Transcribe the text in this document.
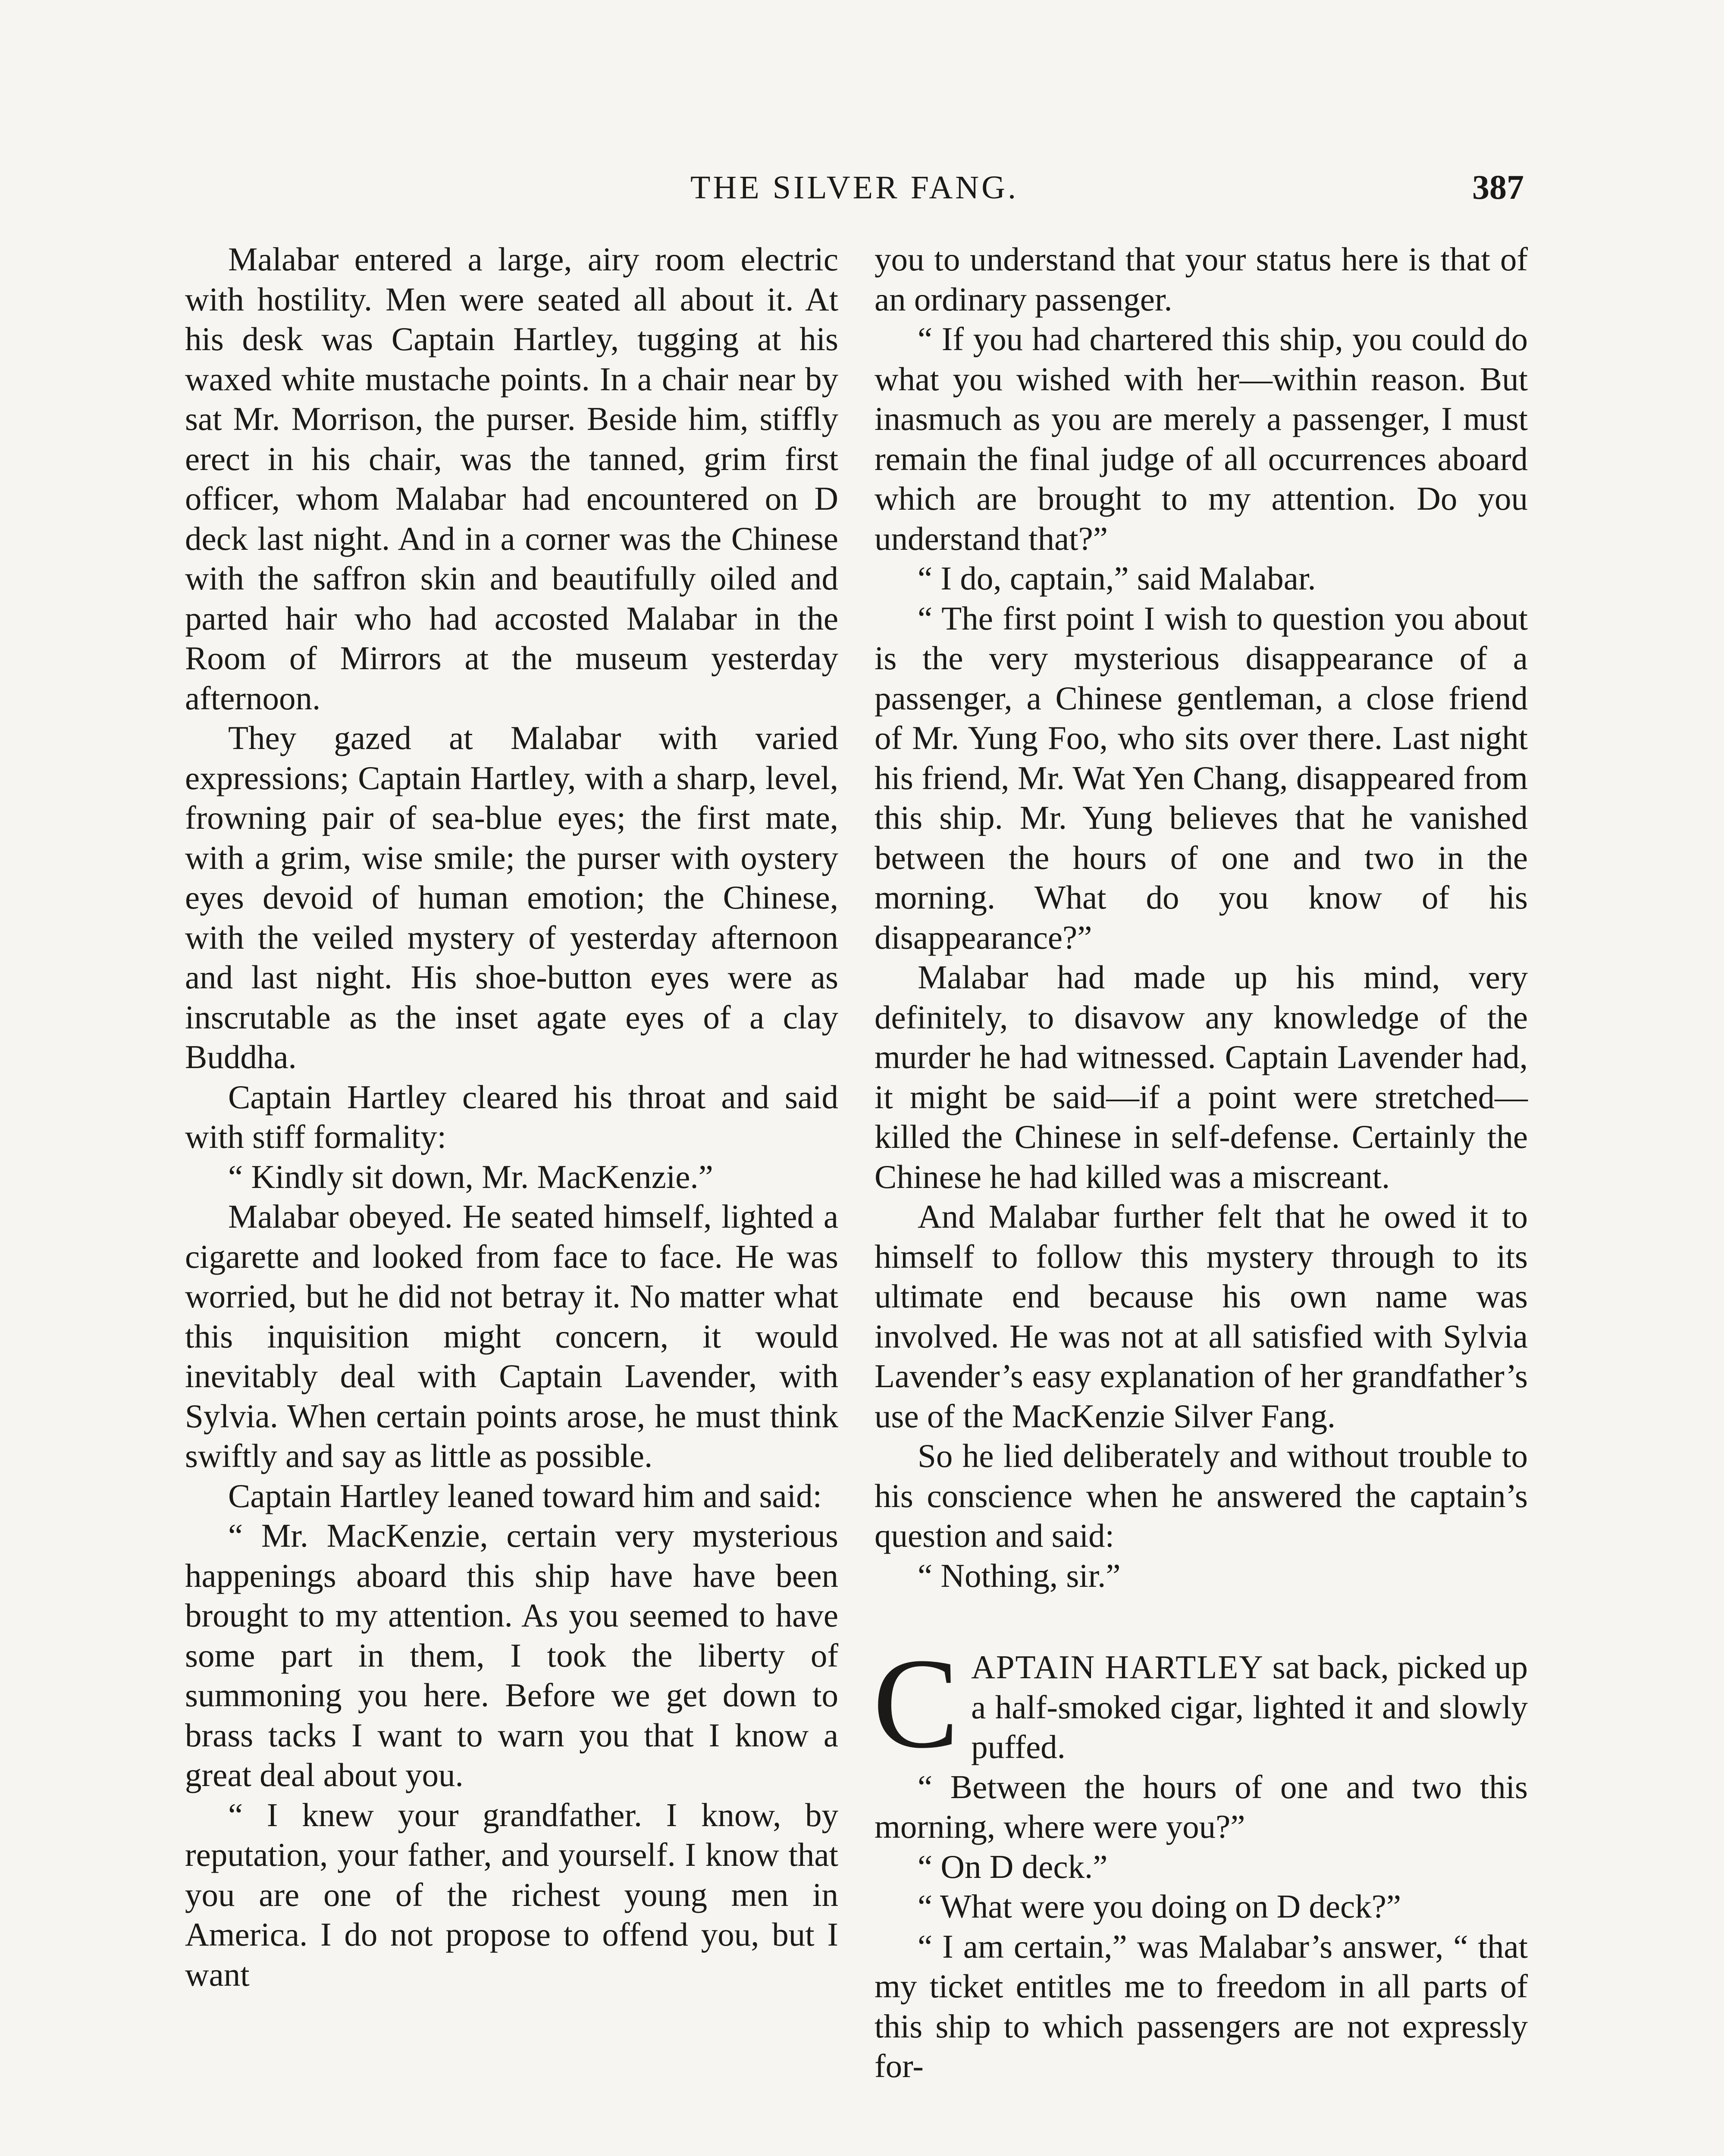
THE SILVER FANG.	387

Malabar entered a large, airy room electric with hostility. Men were seated all about it. At his desk was Captain Hartley, tugging at his waxed white mustache points. In a chair near by sat Mr. Morrison, the purser. Beside him, stiffly erect in his chair, was the tanned, grim first officer, whom Malabar had encountered on D deck last night. And in a corner was the Chinese with the saffron skin and beautifully oiled and parted hair who had accosted Malabar in the Room of Mirrors at the museum yesterday afternoon.

They gazed at Malabar with varied expressions; Captain Hartley, with a sharp, level, frowning pair of sea-blue eyes; the first mate, with a grim, wise smile; the purser with oystery eyes devoid of human emotion; the Chinese, with the veiled mystery of yesterday afternoon and last night. His shoe-button eyes were as inscrutable as the inset agate eyes of a clay Buddha.

Captain Hartley cleared his throat and said with stiff formality:

“ Kindly sit down, Mr. MacKenzie.”

Malabar obeyed. He seated himself, lighted a cigarette and looked from face to face. He was worried, but he did not betray it. No matter what this inquisition might concern, it would inevitably deal with Captain Lavender, with Sylvia. When certain points arose, he must think swiftly and say as little as possible.

Captain Hartley leaned toward him and said:

“ Mr. MacKenzie, certain very mysterious happenings aboard this ship have have been brought to my attention. As you seemed to have some part in them, I took the liberty of summoning you here. Before we get down to brass tacks I want to warn you that I know a great deal about you.

“ I knew your grandfather. I know, by reputation, your father, and yourself. I know that you are one of the richest young men in America. I do not propose to offend you, but I want

you to understand that your status here is that of an ordinary passenger.

“ If you had chartered this ship, you could do what you wished with her—within reason. But inasmuch as you are merely a passenger, I must remain the final judge of all occurrences aboard which are brought to my attention. Do you understand that?”

“ I do, captain,” said Malabar.

“ The first point I wish to question you about is the very mysterious disappearance of a passenger, a Chinese gentleman, a close friend of Mr. Yung Foo, who sits over there. Last night his friend, Mr. Wat Yen Chang, disappeared from this ship. Mr. Yung believes that he vanished between the hours of one and two in the morning. What do you know of his disappearance?”

Malabar had made up his mind, very definitely, to disavow any knowledge of the murder he had witnessed. Captain Lavender had, it might be said—if a point were stretched—killed the Chinese in self-defense. Certainly the Chinese he had killed was a miscreant.

And Malabar further felt that he owed it to himself to follow this mystery through to its ultimate end because his own name was involved. He was not at all satisfied with Sylvia Lavender’s easy explanation of her grandfather’s use of the MacKenzie Silver Fang.

So he lied deliberately and without trouble to his conscience when he answered the captain’s question and said:

“ Nothing, sir.”

CAPTAIN HARTLEY sat back, picked up a half-smoked cigar, lighted it and slowly puffed.

“ Between the hours of one and two this morning, where were you?”

“ On D deck.”

“ What were you doing on D deck?”

“ I am certain,” was Malabar’s answer, “ that my ticket entitles me to freedom in all parts of this ship to which passengers are not expressly for-
